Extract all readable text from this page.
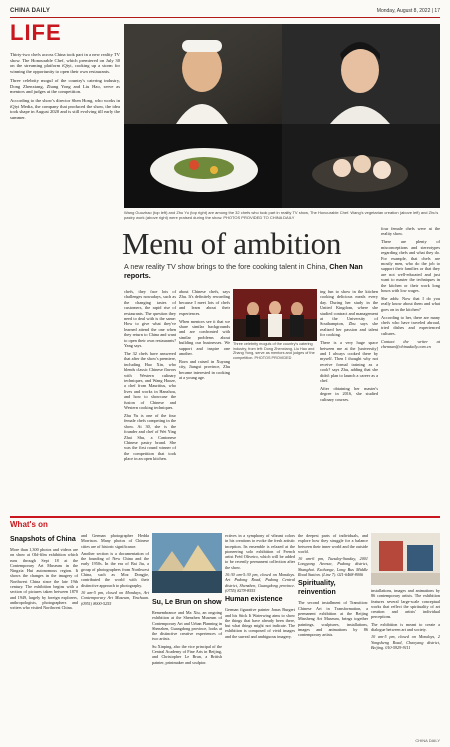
CHINA DAILY	Monday, August 8, 2022 | 17
LIFE

Thirty-two chefs across China took part in a new reality TV show. The Honourable Chef, which premiered on July 30 on the streaming platform iQiyi, cooking up a storm for winning the opportunity to open their own restaurants.

Three celebrity mogul of the country's catering industry, Dong Zhenxiang, Zhang Yong and Liu Hao, serve as mentors and judges at the competition.

According to the show's director Shen Hong, who works in iQiyi Media, the company that produced the show, the idea took shape in August 2020 and is still evolving till early the summer.

Wang Guozhao (top left) and Zhu Yu (top right) are among the 32 chefs who took part in reality TV show, The Honourable Chef. Wang's vegetarian creation (above left) and Zhu's pastry work (above right) were praised during the show. PHOTOS PROVIDED TO CHINA DAILY
Menu of ambition
A new reality TV show brings to the fore cooking talent in China, Chen Nan reports.

chefs, they face lots of challenges nowadays, such as the changing tastes of customers, the rapid rise of restaurants. The question they need to deal with is the same: How to give what they've learned attend the one when they return to China and want to open their own restaurants? Yang says.

The 32 chefs have answered that after the show's premiere, including Hao Xin, who blends classic Chinese flavors with Western culinary techniques, and Wang Haoze, a chef from Mauritius, who lives and works in Hanzhou, and how to showcase the fusion of Chinese and Western cooking techniques.

Zhu Yu is one of the four female chefs competing in the show. At 30, she is the founder and chef of Wei Ying Zhai Shu, a Cantonese Chinese pastry brand. She was the first round winner of the competition that took place in an open kitchen.

about Chinese chefs, says Zhu. It's definitely rewarding because I meet lots of chefs and learn about their experiences.

When mentors see it that we share similar backgrounds and are confronted with similar problems about building our businesses. We support and inspire one another.

Born and raised in Xuyang city, Jiangxi province, Zhu became interested in cooking at a young age.

Three celebrity moguls of the country's catering industry, from left: Dong Zhenxiang, Liu Hao and Zhang Yong, serve as mentors and judges of the competition. PHOTOS PROVIDED

ing fun to show in the kitchen cooking delicious meals every day. During her study in the United Kingdom, where she studied contract and management at the University of Southampton, Zhu says she realized her passion and talent for cooking.

There is a very huge space between me at the [university] and I always cooked there by myself. Then I thought why not receive formal training as a cook? says Zhu, adding that she didn't plan to launch a career as a chef.

After obtaining her master's degree in 2016, she studied culinary courses.

four female chefs were at the reality show.

There are plenty of misconceptions and stereotypes regarding chefs and what they do. For example, that chefs are mostly men, who do the job to support their families or that they are not well-educated and just want to master the techniques in the kitchen or their work long hours with low wages.

She adds: Now that I do you really know about them and what goes on in the kitchen?

According to her, there are many chefs who have traveled abroad, tried dishes and experienced cultures.

Contact the writer at chennan@chinadaily.com.cn

What's on
Snapshots of China

More than 1,300 photos and videos are on show at Old-film exhibition which runs through Sept 18 at the Contemporary Art Museum in the Ningxia Hui autonomous region. It shows the changes in the imagery of Northwest China since the late 19th century. The exhibition begins with a section of pictures taken between 1870 and 1949, largely by foreign explorers, anthropologists, photographers and writers who visited Northwest China.

and German photographer Hedda Morrison. Many photos of Chinese cities are of historic significance.

Another section is a documentation of the founding of New China and the early 1950s. In the era of Bai Jiu, a group of photographers from Northwest China, such as Moz Dongjie, contributed the world with their distinctive approach to photography.

10 am-5 pm, closed on Mondays, Art Contemporary Art Museum, Yinchuan. (0951) 8000-5255	Su, Le Brun on show

Remembrance and Ma Xiu, an ongoing exhibition at the Shenzhen Museum of Contemporary Art and Urban Planning in Shenzhen, Guangdong province, looks at the distinctive creative experiences of two artists.

Su Xinping, also the vice principal of the Central Academy of Fine Arts in Beijing, and Christopher Le Brun, a British painter, printmaker and sculptor.

ectives in a symphony of vibrant colors in his creations to evoke the fresh artistic inception. Its ensemble is relaxed at the pioneering solo exhibition of French artist Fréd Oliveiro, which will be added to be recently permanent collection after the show.

10:30 am-5:30 pm, closed on Mondays. Art Pudong Road, Pudong Central district, Shenzhen, Guangdong province. (0755) 8278-8555

Human existence

German figurative painter Jonas Burgert and his Stick It Waterwing aims to show the things that have already been there, but what things might not indicate. The exhibition is composed of vivid images and the surreal and ambiguous imagery.

the deepest parts of individuals, and explore how they struggle for a balance between their inner world and the outside world.

10 am-6 pm, Tuesday-Sunday, 2001 Longyang Avenue, Pudong district, Shanghai. Exchange, Long Bus Middle Road Station. (Line 7). 021-6468-8006

Spirituality, reinvention

The second installment of Transition: Chinese Art in Transformation, a permanent exhibition at the Beijing Minsheng Art Museum, brings together paintings, sculptures, installations, images and animations by 86 contemporary artists.

installations, images and animations by 86 contemporary artists. The exhibition features several large-scale conceptual works that reflect the spirituality of art creation and artists' individual perceptions.

The exhibition is meant to create a dialogue between art and society.

10 am-5 pm, closed on Mondays, 2 Yongsheng Road, Chaoyang district, Beijing. 010-5929-9111

CHINA DAILY
